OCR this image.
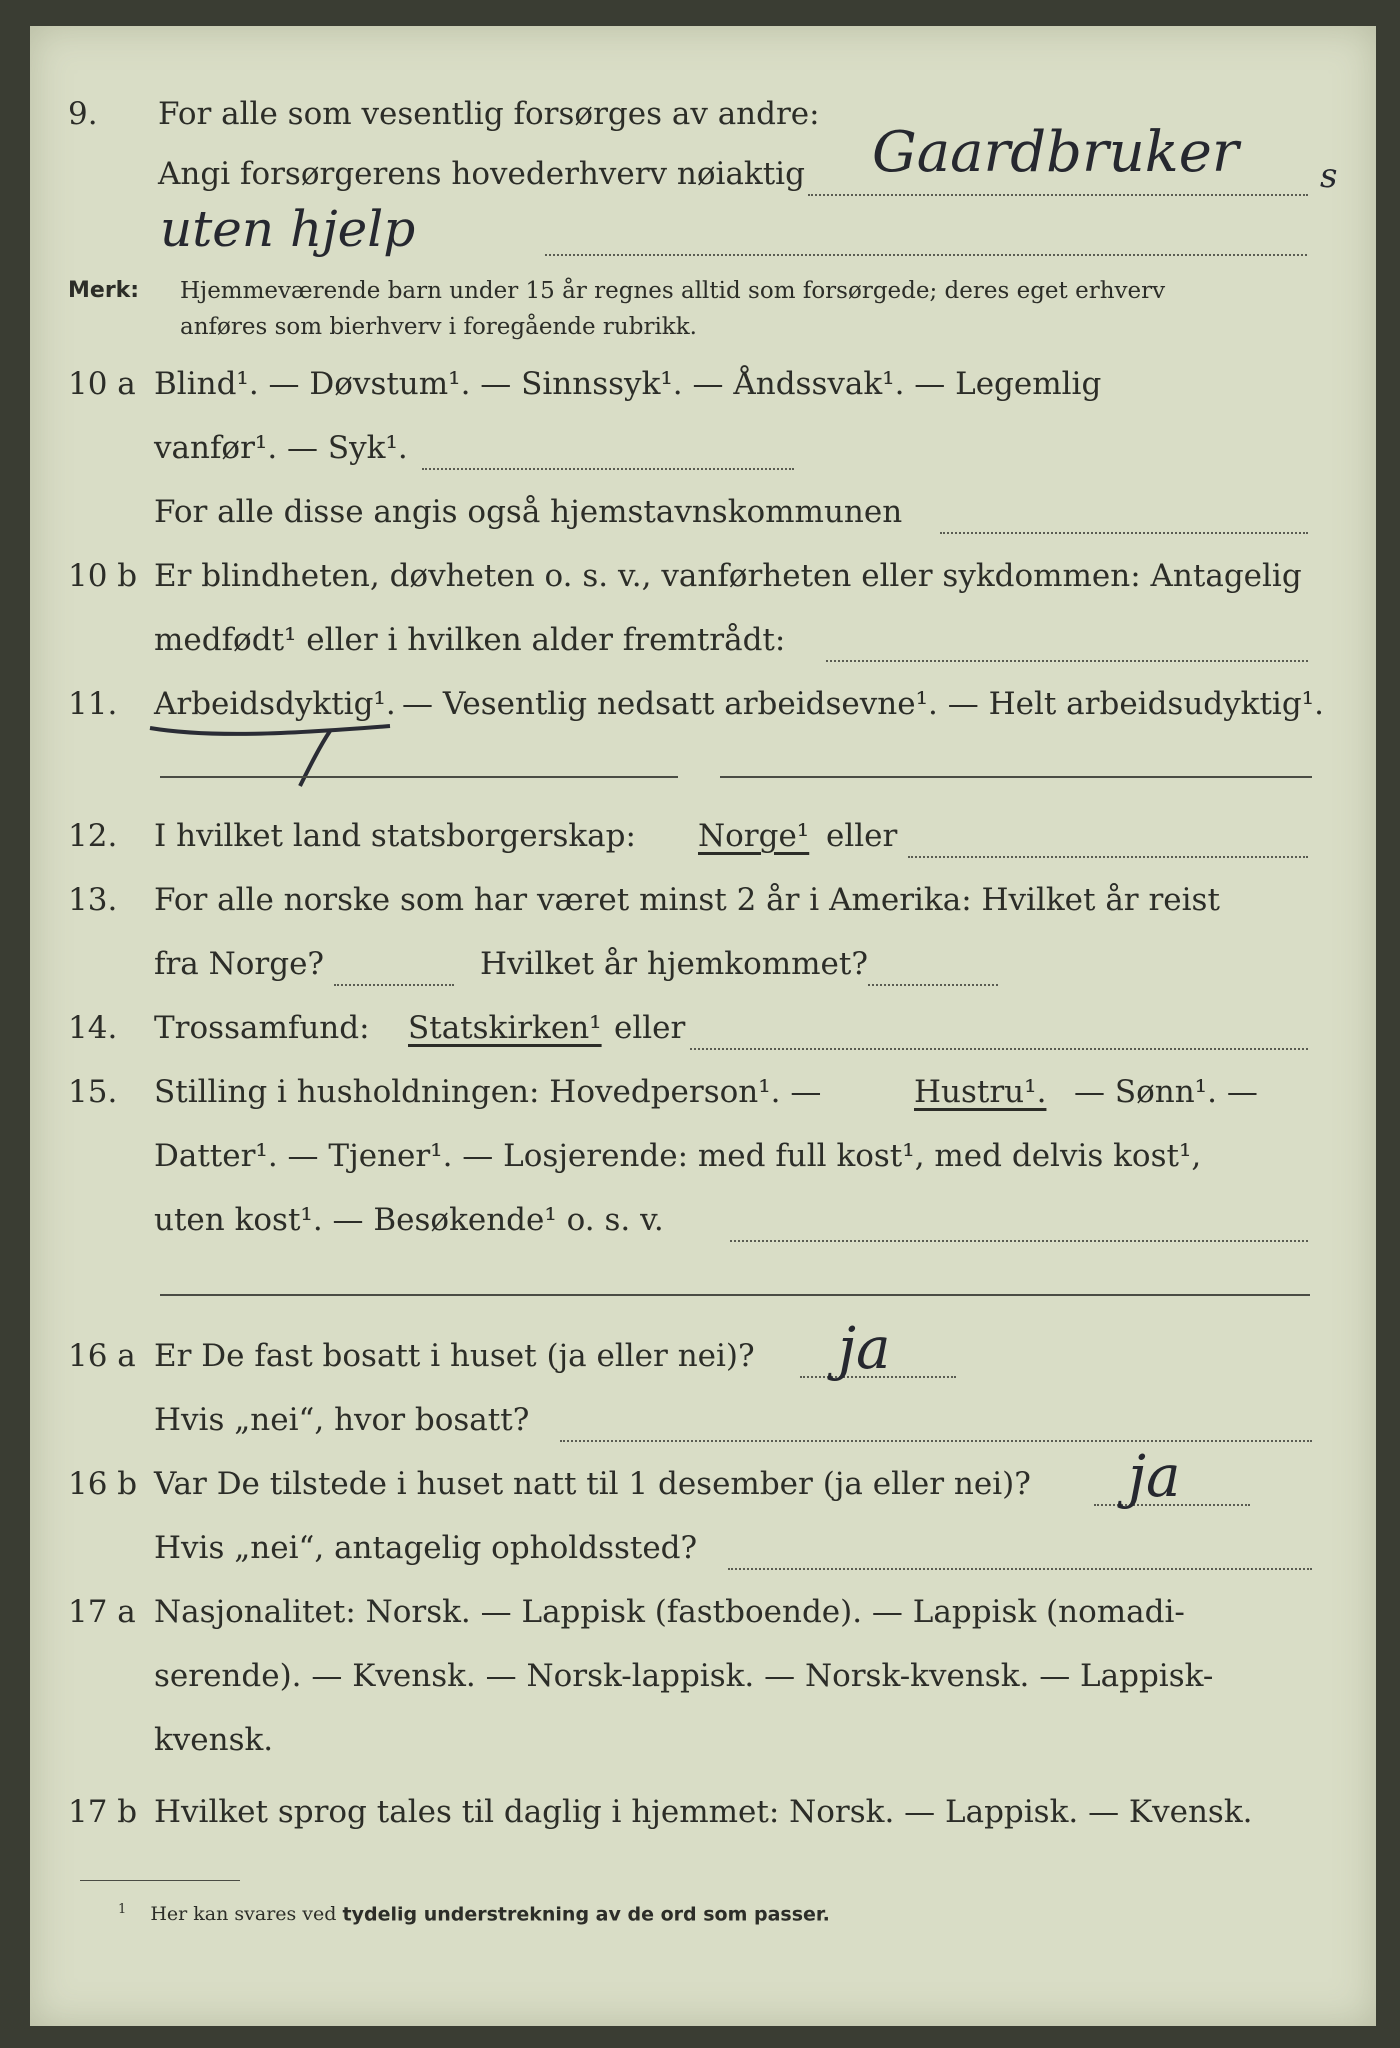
9. For alle som vesentlig forsørges av andre:
Angi forsørgerens hovederhverv nøiaktig Gaardbruker s
uten hjelp
Merk: Hjemmeværende barn under 15 år regnes alltid som forsørgede; deres eget erhverv
anføres som bierhverv i foregående rubrikk.
10 a Blind¹. — Døvstum¹. — Sinnssyk¹. — Åndssvak¹. — Legemlig
vanfør¹. — Syk¹.
For alle disse angis også hjemstavnskommunen
10 b Er blindheten, døvheten o. s. v., vanførheten eller sykdommen: Antagelig
medfødt¹ eller i hvilken alder fremtrådt:
11. Arbeidsdyktig¹. — Vesentlig nedsatt arbeidsevne¹. — Helt arbeidsudyktig¹.
12. I hvilket land statsborgerskap: Norge¹ eller
13. For alle norske som har været minst 2 år i Amerika: Hvilket år reist
fra Norge?	Hvilket år hjemkommet?
14. Trossamfund: Statskirken¹ eller
15. Stilling i husholdningen: Hovedperson¹. —	Hustru¹. — Sønn¹. —
Datter¹. — Tjener¹. — Losjerende: med full kost¹, med delvis kost¹,
uten kost¹. — Besøkende¹ o. s. v.
16 a Er De fast bosatt i huset (ja eller nei)? ja
Hvis „nei“, hvor bosatt?
16 b Var De tilstede i huset natt til 1 desember (ja eller nei)? ja
Hvis „nei“, antagelig opholdssted?
17 a Nasjonalitet: Norsk. — Lappisk (fastboende). — Lappisk (nomadi-
serende). — Kvensk. — Norsk-lappisk. — Norsk-kvensk. — Lappisk-
kvensk.
17 b Hvilket sprog tales til daglig i hjemmet: Norsk. — Lappisk. — Kvensk.
$^1$ Her kan svares ved tydelig understrekning av de ord som passer.
